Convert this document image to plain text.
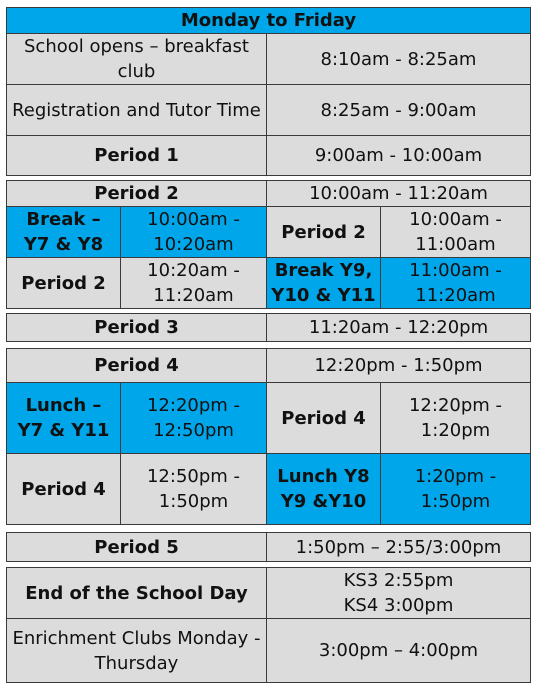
Monday to Friday	
School opens – breakfast club	8:10am - 8:25am
Registration and Tutor Time	8:25am - 9:00am
Period 1	9:00am - 10:00am
Period 2		10:00am - 11:20am	
Break – Y7 & Y8	10:00am - 10:20am	Period 2	10:00am - 11:00am
Period 2	10:20am - 11:20am	Break Y9, Y10 & Y11	11:00am - 11:20am
Period 3	11:20am - 12:20pm
Period 4		12:20pm - 1:50pm	
Lunch – Y7 & Y11	12:20pm - 12:50pm	Period 4	12:20pm - 1:20pm
Period 4	12:50pm - 1:50pm	Lunch Y8 Y9 &Y10	1:20pm - 1:50pm
Period 5	1:50pm – 2:55/3:00pm
End of the School Day	KS3 2:55pm
KS4 3:00pm

Enrichment Clubs Monday - Thursday	3:00pm – 4:00pm
